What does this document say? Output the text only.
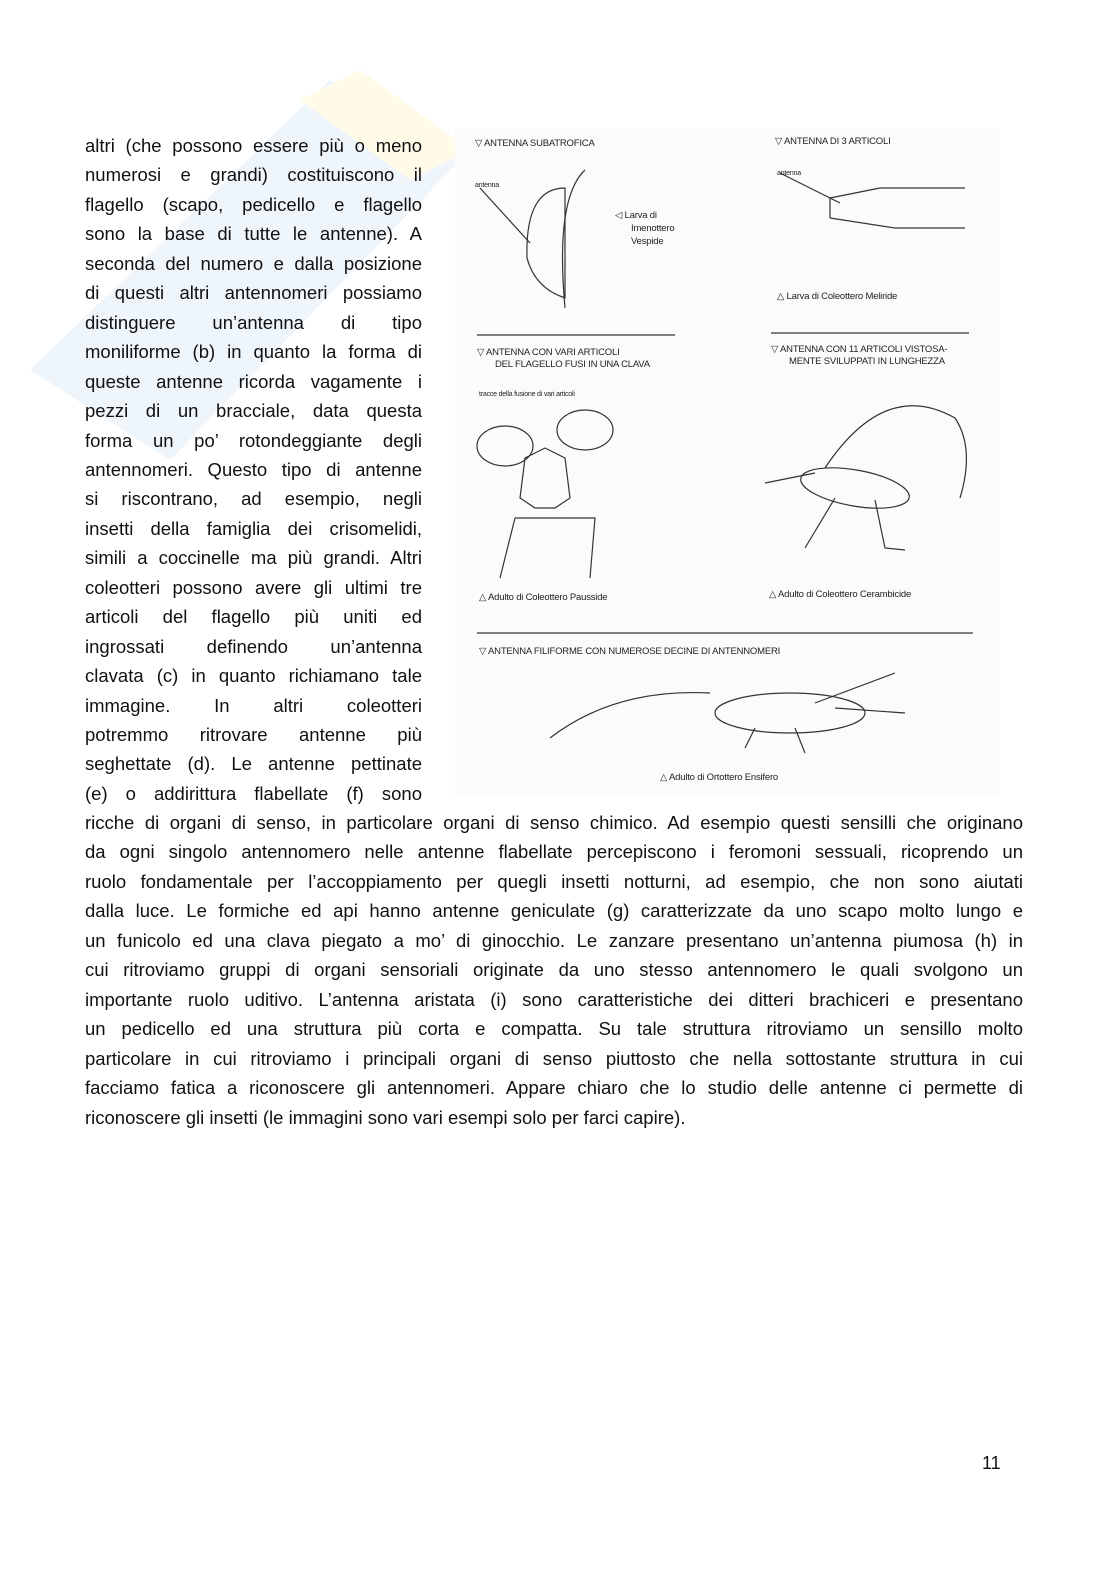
altri (che possono essere più o meno
numerosi e grandi) costituiscono il
flagello (scapo, pedicello e flagello
sono la base di tutte le antenne). A
seconda del numero e dalla posizione
di questi altri antennomeri possiamo
distinguere un’antenna di tipo
moniliforme (b) in quanto la forma di
queste antenne ricorda vagamente i
pezzi di un bracciale, data questa
forma un po’ rotondeggiante degli
antennomeri. Questo tipo di antenne
si riscontrano, ad esempio, negli
insetti della famiglia dei crisomelidi,
simili a coccinelle ma più grandi. Altri
coleotteri possono avere gli ultimi tre
articoli del flagello più uniti ed
ingrossati definendo un’antenna
clavata (c) in quanto richiamano tale
immagine. In altri coleotteri
potremmo ritrovare antenne più
seghettate (d). Le antenne pettinate
(e) o addirittura flabellate (f) sono
ricche di organi di senso, in particolare organi di senso chimico. Ad esempio questi sensilli che originano
da ogni singolo antennomero nelle antenne flabellate percepiscono i feromoni sessuali, ricoprendo un
ruolo fondamentale per l’accoppiamento per quegli insetti notturni, ad esempio, che non sono aiutati
dalla luce. Le formiche ed api hanno antenne geniculate (g) caratterizzate da uno scapo molto lungo e
un funicolo ed una clava piegato a mo’ di ginocchio. Le zanzare presentano un’antenna piumosa (h) in
cui ritroviamo gruppi di organi sensoriali originate da uno stesso antennomero le quali svolgono un
importante ruolo uditivo. L’antenna aristata (i) sono caratteristiche dei ditteri brachiceri e presentano
un pedicello ed una struttura più corta e compatta. Su tale struttura ritroviamo un sensillo molto
particolare in cui ritroviamo i principali organi di senso piuttosto che nella sottostante struttura in cui
facciamo fatica a riconoscere gli antennomeri. Appare chiaro che lo studio delle antenne ci permette di
riconoscere gli insetti (le immagini sono vari esempi solo per farci capire).
▽ ANTENNA SUBATROFICA
antenna
◁ Larva di
Imenottero
Vespide
▽ ANTENNA DI 3 ARTICOLI
antenna
△ Larva di Coleottero Meliride
▽ ANTENNA CON VARI ARTICOLI
DEL FLAGELLO FUSI IN UNA CLAVA
tracce della fusione di vari articoli
△ Adulto di Coleottero Pausside
▽ ANTENNA CON 11 ARTICOLI VISTOSA-
MENTE SVILUPPATI IN LUNGHEZZA
△ Adulto di Coleottero Cerambicide
▽ ANTENNA FILIFORME CON NUMEROSE DECINE DI ANTENNOMERI
△ Adulto di Ortottero Ensifero
11
